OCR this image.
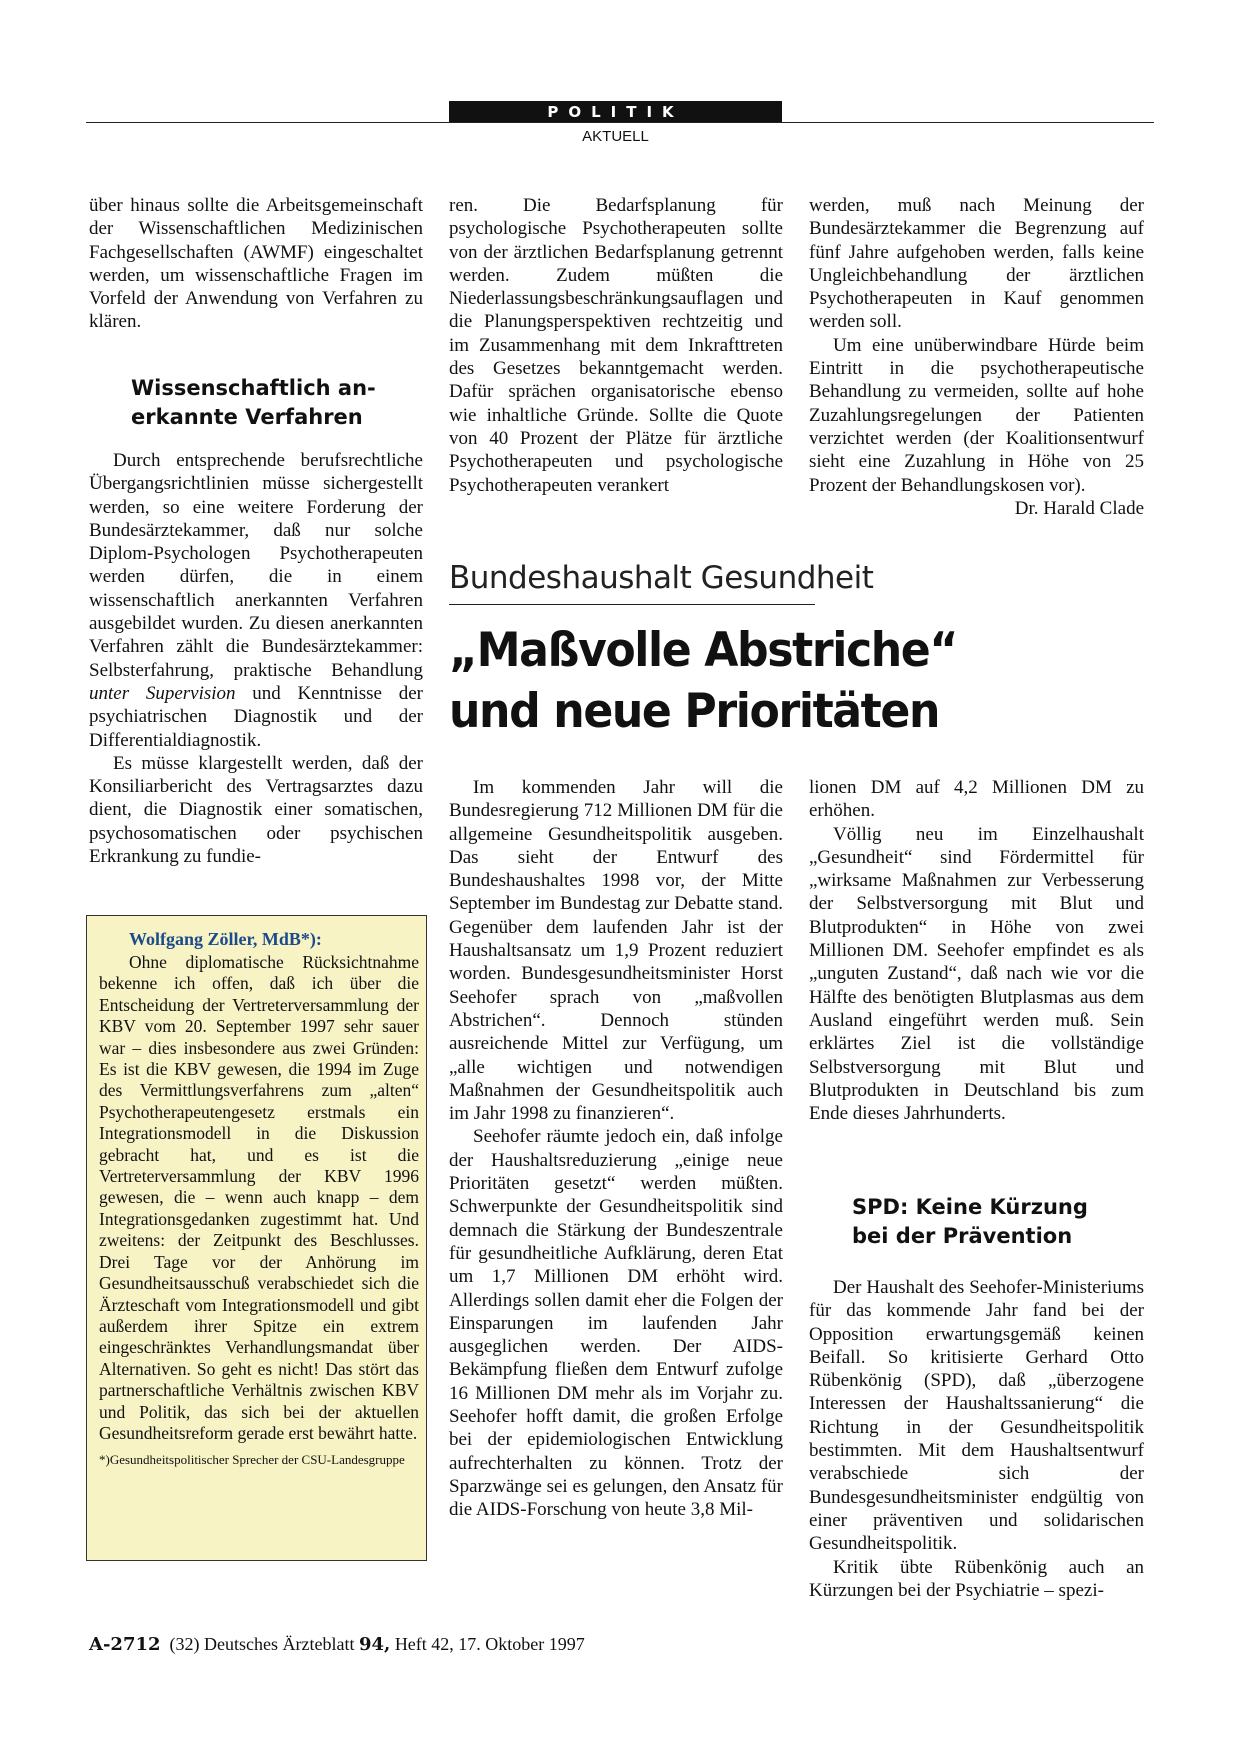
POLITIK
AKTUELL

über hinaus sollte die Arbeitsgemeinschaft der Wissenschaftlichen Medizinischen Fachgesellschaften (AWMF) eingeschaltet werden, um wissenschaftliche Fragen im Vorfeld der Anwendung von Verfahren zu klären.

Wissenschaftlich an-
erkannte Verfahren

Durch entsprechende berufsrechtliche Übergangsrichtlinien müsse sichergestellt werden, so eine weitere Forderung der Bundesärztekammer, daß nur solche Diplom-Psychologen Psychotherapeuten werden dürfen, die in einem wissenschaftlich anerkannten Verfahren ausgebildet wurden. Zu diesen anerkannten Verfahren zählt die Bundesärztekammer: Selbsterfahrung, praktische Behandlung unter Supervision und Kenntnisse der psychiatrischen Diagnostik und der Differentialdiagnostik.

Es müsse klargestellt werden, daß der Konsiliarbericht des Vertragsarztes dazu dient, die Diagnostik einer somatischen, psychosomatischen oder psychischen Erkrankung zu fundie-

ren. Die Bedarfsplanung für psychologische Psychotherapeuten sollte von der ärztlichen Bedarfsplanung getrennt werden. Zudem müßten die Niederlassungsbeschränkungsauflagen und die Planungsperspektiven rechtzeitig und im Zusammenhang mit dem Inkrafttreten des Gesetzes bekanntgemacht werden. Dafür sprächen organisatorische ebenso wie inhaltliche Gründe. Sollte die Quote von 40 Prozent der Plätze für ärztliche Psychotherapeuten und psychologische Psychotherapeuten verankert

werden, muß nach Meinung der Bundesärztekammer die Begrenzung auf fünf Jahre aufgehoben werden, falls keine Ungleichbehandlung der ärztlichen Psychotherapeuten in Kauf genommen werden soll.

Um eine unüberwindbare Hürde beim Eintritt in die psychotherapeutische Behandlung zu vermeiden, sollte auf hohe Zuzahlungsregelungen der Patienten verzichtet werden (der Koalitionsentwurf sieht eine Zuzahlung in Höhe von 25 Prozent der Behandlungskosen vor).
Dr. Harald Clade

Bundeshaushalt Gesundheit
„Maßvolle Abstriche“
und neue Prioritäten

Im kommenden Jahr will die Bundesregierung 712 Millionen DM für die allgemeine Gesundheitspolitik ausgeben. Das sieht der Entwurf des Bundeshaushaltes 1998 vor, der Mitte September im Bundestag zur Debatte stand. Gegenüber dem laufenden Jahr ist der Haushaltsansatz um 1,9 Prozent reduziert worden. Bundesgesundheitsminister Horst Seehofer sprach von „maßvollen Abstrichen“. Dennoch stünden ausreichende Mittel zur Verfügung, um „alle wichtigen und notwendigen Maßnahmen der Gesundheitspolitik auch im Jahr 1998 zu finanzieren“.

Seehofer räumte jedoch ein, daß infolge der Haushaltsreduzierung „einige neue Prioritäten gesetzt“ werden müßten. Schwerpunkte der Gesundheitspolitik sind demnach die Stärkung der Bundeszentrale für gesundheitliche Aufklärung, deren Etat um 1,7 Millionen DM erhöht wird. Allerdings sollen damit eher die Folgen der Einsparungen im laufenden Jahr ausgeglichen werden. Der AIDS-Bekämpfung fließen dem Entwurf zufolge 16 Millionen DM mehr als im Vorjahr zu. Seehofer hofft damit, die großen Erfolge bei der epidemiologischen Entwicklung aufrechterhalten zu können. Trotz der Sparzwänge sei es gelungen, den Ansatz für die AIDS-Forschung von heute 3,8 Mil-

lionen DM auf 4,2 Millionen DM zu erhöhen.

Völlig neu im Einzelhaushalt „Gesundheit“ sind Fördermittel für „wirksame Maßnahmen zur Verbesserung der Selbstversorgung mit Blut und Blutprodukten“ in Höhe von zwei Millionen DM. Seehofer empfindet es als „unguten Zustand“, daß nach wie vor die Hälfte des benötigten Blutplasmas aus dem Ausland eingeführt werden muß. Sein erklärtes Ziel ist die vollständige Selbstversorgung mit Blut und Blutprodukten in Deutschland bis zum Ende dieses Jahrhunderts.

SPD: Keine Kürzung
bei der Prävention

Der Haushalt des Seehofer-Ministeriums für das kommende Jahr fand bei der Opposition erwartungsgemäß keinen Beifall. So kritisierte Gerhard Otto Rübenkönig (SPD), daß „überzogene Interessen der Haushaltssanierung“ die Richtung in der Gesundheitspolitik bestimmten. Mit dem Haushaltsentwurf verabschiede sich der Bundesgesundheitsminister endgültig von einer präventiven und solidarischen Gesundheitspolitik.

Kritik übte Rübenkönig auch an Kürzungen bei der Psychiatrie – spezi-

Wolfgang Zöller, MdB*):

Ohne diplomatische Rücksichtnahme bekenne ich offen, daß ich über die Entscheidung der Vertreterversammlung der KBV vom 20. September 1997 sehr sauer war – dies insbesondere aus zwei Gründen: Es ist die KBV gewesen, die 1994 im Zuge des Vermittlungsverfahrens zum „alten“ Psychotherapeutengesetz erstmals ein Integrationsmodell in die Diskussion gebracht hat, und es ist die Vertreterversammlung der KBV 1996 gewesen, die – wenn auch knapp – dem Integrationsgedanken zugestimmt hat. Und zweitens: der Zeitpunkt des Beschlusses. Drei Tage vor der Anhörung im Gesundheitsausschuß verabschiedet sich die Ärzteschaft vom Integrationsmodell und gibt außerdem ihrer Spitze ein extrem eingeschränktes Verhandlungsmandat über Alternativen. So geht es nicht! Das stört das partnerschaftliche Verhältnis zwischen KBV und Politik, das sich bei der aktuellen Gesundheitsreform gerade erst bewährt hatte.

*)Gesundheitspolitischer Sprecher der CSU-Landesgruppe

A-2712 (32) Deutsches Ärzteblatt 94, Heft 42, 17. Oktober 1997
